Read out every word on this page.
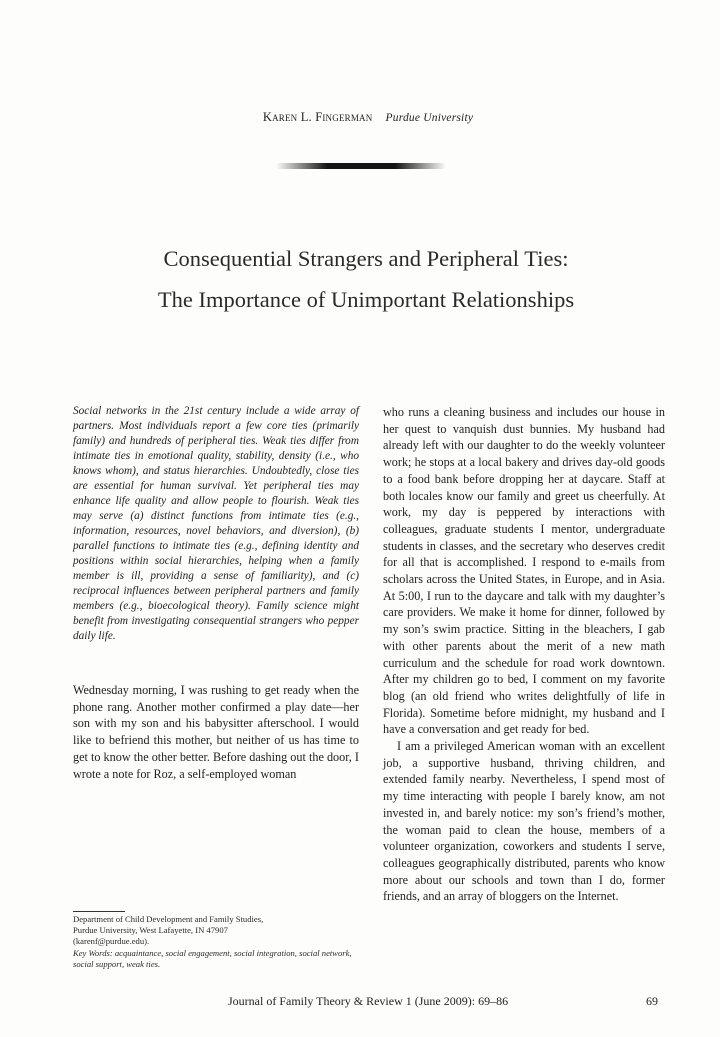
Karen L. Fingerman Purdue University
Consequential Strangers and Peripheral Ties:
The Importance of Unimportant Relationships

Social networks in the 21st century include a wide array of partners. Most individuals report a few core ties (primarily family) and hundreds of peripheral ties. Weak ties differ from intimate ties in emotional quality, stability, density (i.e., who knows whom), and status hierarchies. Undoubtedly, close ties are essential for human survival. Yet peripheral ties may enhance life quality and allow people to flourish. Weak ties may serve (a) distinct functions from intimate ties (e.g., information, resources, novel behaviors, and diversion), (b) parallel functions to intimate ties (e.g., defining identity and positions within social hierarchies, helping when a family member is ill, providing a sense of familiarity), and (c) reciprocal influences between peripheral partners and family members (e.g., bioecological theory). Family science might benefit from investigating consequential strangers who pepper daily life.

Wednesday morning, I was rushing to get ready when the phone rang. Another mother confirmed a play date—her son with my son and his babysitter afterschool. I would like to befriend this mother, but neither of us has time to get to know the other better. Before dashing out the door, I wrote a note for Roz, a self-employed woman

who runs a cleaning business and includes our house in her quest to vanquish dust bunnies. My husband had already left with our daughter to do the weekly volunteer work; he stops at a local bakery and drives day-old goods to a food bank before dropping her at daycare. Staff at both locales know our family and greet us cheerfully. At work, my day is peppered by interactions with colleagues, graduate students I mentor, undergraduate students in classes, and the secretary who deserves credit for all that is accomplished. I respond to e-mails from scholars across the United States, in Europe, and in Asia. At 5:00, I run to the daycare and talk with my daughter’s care providers. We make it home for dinner, followed by my son’s swim practice. Sitting in the bleachers, I gab with other parents about the merit of a new math curriculum and the schedule for road work downtown. After my children go to bed, I comment on my favorite blog (an old friend who writes delightfully of life in Florida). Sometime before midnight, my husband and I have a conversation and get ready for bed.

I am a privileged American woman with an excellent job, a supportive husband, thriving children, and extended family nearby. Nevertheless, I spend most of my time interacting with people I barely know, am not invested in, and barely notice: my son’s friend’s mother, the woman paid to clean the house, members of a volunteer organization, coworkers and students I serve, colleagues geographically distributed, parents who know more about our schools and town than I do, former friends, and an array of bloggers on the Internet.

Department of Child Development and Family Studies,
Purdue University, West Lafayette, IN 47907
(karenf@purdue.edu).
Key Words: acquaintance, social engagement, social integration, social network, social support, weak ties.
Journal of Family Theory & Review 1 (June 2009): 69–86	69
